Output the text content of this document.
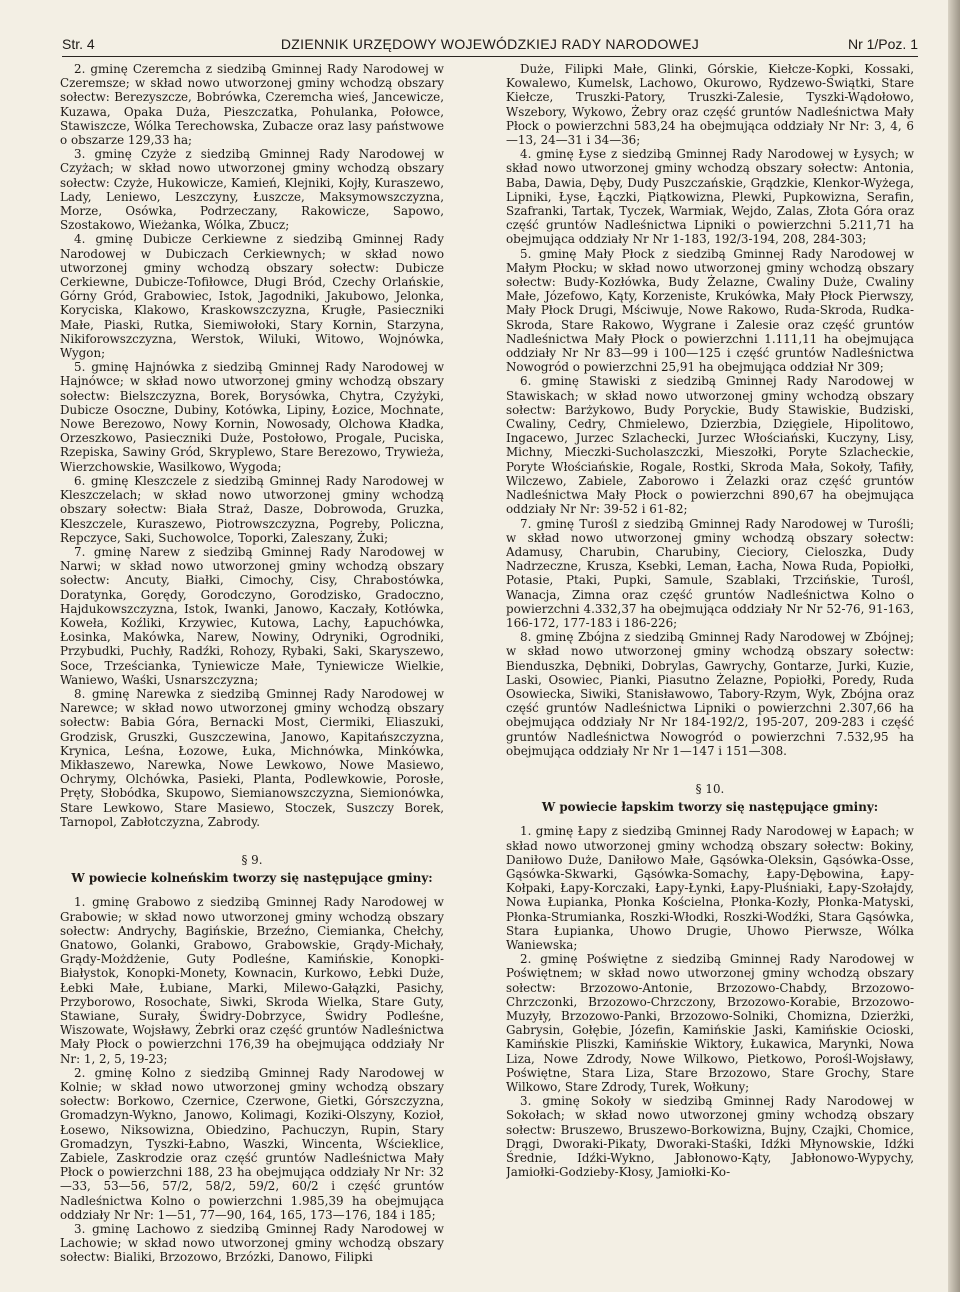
Str. 4	DZIENNIK URZĘDOWY WOJEWÓDZKIEJ RADY NARODOWEJ	Nr 1/Poz. 1

2. gminę Czeremcha z siedzibą Gminnej Rady Narodowej w Czeremsze; w skład nowo utworzonej gminy wchodzą obszary sołectw: Berezyszcze, Bobrówka, Czeremcha wieś, Jancewicze, Kuzawa, Opaka Duża, Pieszczatka, Pohulanka, Połowce, Stawiszcze, Wólka Terechowska, Zubacze oraz lasy państwowe o obszarze 129,33 ha;

3. gminę Czyże z siedzibą Gminnej Rady Narodowej w Czyżach; w skład nowo utworzonej gminy wchodzą obszary sołectw: Czyże, Hukowicze, Kamień, Klejniki, Kojły, Kuraszewo, Lady, Leniewo, Leszczyny, Łuszcze, Maksymowszczyzna, Morze, Osówka, Podrzeczany, Rakowicze, Sapowo, Szostakowo, Wieżanka, Wólka, Zbucz;

4. gminę Dubicze Cerkiewne z siedzibą Gminnej Rady Narodowej w Dubiczach Cerkiewnych; w skład nowo utworzonej gminy wchodzą obszary sołectw: Dubicze Cerkiewne, Dubicze-Tofiłowce, Długi Bród, Czechy Orlańskie, Górny Gród, Grabowiec, Istok, Jagodniki, Jakubowo, Jelonka, Koryciska, Klakowo, Kraskowszczyzna, Krugłe, Pasieczniki Małe, Piaski, Rutka, Siemiwołoki, Stary Kornin, Starzyna, Nikiforowszczyzna, Werstok, Wiluki, Witowo, Wojnówka, Wygon;

5. gminę Hajnówka z siedzibą Gminnej Rady Narodowej w Hajnówce; w skład nowo utworzonej gminy wchodzą obszary sołectw: Bielszczyzna, Borek, Borysówka, Chytra, Czyżyki, Dubicze Osoczne, Dubiny, Kotówka, Lipiny, Łozice, Mochnate, Nowe Berezowo, Nowy Kornin, Nowosady, Olchowa Kładka, Orzeszkowo, Pasieczniki Duże, Postołowo, Progale, Puciska, Rzepiska, Sawiny Gród, Skryplewo, Stare Berezowo, Trywieża, Wierzchowskie, Wasilkowo, Wygoda;

6. gminę Kleszczele z siedzibą Gminnej Rady Narodowej w Kleszczelach; w skład nowo utworzonej gminy wchodzą obszary sołectw: Biała Straż, Dasze, Dobrowoda, Gruzka, Kleszczele, Kuraszewo, Piotrowszczyzna, Pogreby, Policzna, Repczyce, Saki, Suchowolce, Toporki, Zaleszany, Żuki;

7. gminę Narew z siedzibą Gminnej Rady Narodowej w Narwi; w skład nowo utworzonej gminy wchodzą obszary sołectw: Ancuty, Białki, Cimochy, Cisy, Chrabostówka, Doratynka, Gorędy, Gorodczyno, Gorodzisko, Gradoczno, Hajdukowszczyzna, Istok, Iwanki, Janowo, Kaczały, Kotłówka, Koweła, Koźliki, Krzywiec, Kutowa, Lachy, Łapuchówka, Łosinka, Makówka, Narew, Nowiny, Odryniki, Ogrodniki, Przybudki, Puchły, Radźki, Rohozy, Rybaki, Saki, Skaryszewo, Soce, Trześcianka, Tyniewicze Małe, Tyniewicze Wielkie, Waniewo, Waśki, Usnarszczyzna;

8. gminę Narewka z siedzibą Gminnej Rady Narodowej w Narewce; w skład nowo utworzonej gminy wchodzą obszary sołectw: Babia Góra, Bernacki Most, Ciermiki, Eliaszuki, Grodzisk, Gruszki, Guszczewina, Janowo, Kapitańszczyzna, Krynica, Leśna, Łozowe, Łuka, Michnówka, Minkówka, Mikłaszewo, Narewka, Nowe Lewkowo, Nowe Masiewo, Ochrymy, Olchówka, Pasieki, Planta, Podlewkowie, Porosłe, Pręty, Słobódka, Skupowo, Siemianowszczyzna, Siemionówka, Stare Lewkowo, Stare Masiewo, Stoczek, Suszczy Borek, Tarnopol, Zabłotczyzna, Zabrody.

§ 9.

W powiecie kolneńskim tworzy się następujące gminy:

1. gminę Grabowo z siedzibą Gminnej Rady Narodowej w Grabowie; w skład nowo utworzonej gminy wchodzą obszary sołectw: Andrychy, Bagińskie, Brzeźno, Ciemianka, Chełchy, Gnatowo, Golanki, Grabowo, Grabowskie, Grądy-Michały, Grądy-Możdżenie, Guty Podleśne, Kamińskie, Konopki-Białystok, Konopki-Monety, Kownacin, Kurkowo, Łebki Duże, Łebki Małe, Łubiane, Marki, Milewo-Gałązki, Pasichy, Przyborowo, Rosochate, Siwki, Skroda Wielka, Stare Guty, Stawiane, Surały, Świdry-Dobrzyce, Świdry Podleśne, Wiszowate, Wojsławy, Żebrki oraz część gruntów Nadleśnictwa Mały Płock o powierzchni 176,39 ha obejmująca oddziały Nr Nr: 1, 2, 5, 19-23;

2. gminę Kolno z siedzibą Gminnej Rady Narodowej w Kolnie; w skład nowo utworzonej gminy wchodzą obszary sołectw: Borkowo, Czernice, Czerwone, Gietki, Górszczyzna, Gromadzyn-Wykno, Janowo, Kolimagi, Koziki-Olszyny, Kozioł, Łosewo, Niksowizna, Obiedzino, Pachuczyn, Rupin, Stary Gromadzyn, Tyszki-Łabno, Waszki, Wincenta, Wścieklice, Zabiele, Zaskrodzie oraz część gruntów Nadleśnictwa Mały Płock o powierzchni 188, 23 ha obejmująca oddziały Nr Nr: 32—33, 53—56, 57/2, 58/2, 59/2, 60/2 i część gruntów Nadleśnictwa Kolno o powierzchni 1.985,39 ha obejmująca oddziały Nr Nr: 1—51, 77—90, 164, 165, 173—176, 184 i 185;

3. gminę Lachowo z siedzibą Gminnej Rady Narodowej w Lachowie; w skład nowo utworzonej gminy wchodzą obszary sołectw: Bialiki, Brzozowo, Brzózki, Danowo, Filipki

Duże, Filipki Małe, Glinki, Górskie, Kiełcze-Kopki, Kossaki, Kowalewo, Kumelsk, Lachowo, Okurowo, Rydzewo-Świątki, Stare Kiełcze, Truszki-Patory, Truszki-Zalesie, Tyszki-Wądołowo, Wszebory, Wykowo, Żebry oraz część gruntów Nadleśnictwa Mały Płock o powierzchni 583,24 ha obejmująca oddziały Nr Nr: 3, 4, 6—13, 24—31 i 34—36;

4. gminę Łyse z siedzibą Gminnej Rady Narodowej w Łysych; w skład nowo utworzonej gminy wchodzą obszary sołectw: Antonia, Baba, Dawia, Dęby, Dudy Puszczańskie, Grądzkie, Klenkor-Wyżega, Lipniki, Łyse, Łączki, Piątkowizna, Plewki, Pupkowizna, Serafin, Szafranki, Tartak, Tyczek, Warmiak, Wejdo, Zalas, Złota Góra oraz część gruntów Nadleśnictwa Lipniki o powierzchni 5.211,71 ha obejmująca oddziały Nr Nr 1-183, 192/3-194, 208, 284-303;

5. gminę Mały Płock z siedzibą Gminnej Rady Narodowej w Małym Płocku; w skład nowo utworzonej gminy wchodzą obszary sołectw: Budy-Kozłówka, Budy Żelazne, Cwaliny Duże, Cwaliny Małe, Józefowo, Kąty, Korzeniste, Krukówka, Mały Płock Pierwszy, Mały Płock Drugi, Mściwuje, Nowe Rakowo, Ruda-Skroda, Rudka-Skroda, Stare Rakowo, Wygrane i Zalesie oraz część gruntów Nadleśnictwa Mały Płock o powierzchni 1.111,11 ha obejmująca oddziały Nr Nr 83—99 i 100—125 i część gruntów Nadleśnictwa Nowogród o powierzchni 25,91 ha obejmująca oddział Nr 309;

6. gminę Stawiski z siedzibą Gminnej Rady Narodowej w Stawiskach; w skład nowo utworzonej gminy wchodzą obszary sołectw: Barżykowo, Budy Poryckie, Budy Stawiskie, Budziski, Cwaliny, Cedry, Chmielewo, Dzierzbia, Dzięgiele, Hipolitowo, Ingacewo, Jurzec Szlachecki, Jurzec Włościański, Kuczyny, Lisy, Michny, Mieczki-Sucholaszczki, Mieszołki, Poryte Szlacheckie, Poryte Włościańskie, Rogale, Rostki, Skroda Mała, Sokoły, Tafiły, Wilczewo, Zabiele, Zaborowo i Żelazki oraz część gruntów Nadleśnictwa Mały Płock o powierzchni 890,67 ha obejmująca oddziały Nr Nr: 39-52 i 61-82;

7. gminę Turośl z siedzibą Gminnej Rady Narodowej w Turośli; w skład nowo utworzonej gminy wchodzą obszary sołectw: Adamusy, Charubin, Charubiny, Cieciory, Cieloszka, Dudy Nadrzeczne, Krusza, Ksebki, Leman, Łacha, Nowa Ruda, Popiołki, Potasie, Ptaki, Pupki, Samule, Szablaki, Trzcińskie, Turośl, Wanacja, Zimna oraz część gruntów Nadleśnictwa Kolno o powierzchni 4.332,37 ha obejmująca oddziały Nr Nr 52-76, 91-163, 166-172, 177-183 i 186-226;

8. gminę Zbójna z siedzibą Gminnej Rady Narodowej w Zbójnej; w skład nowo utworzonej gminy wchodzą obszary sołectw: Bienduszka, Dębniki, Dobrylas, Gawrychy, Gontarze, Jurki, Kuzie, Laski, Osowiec, Pianki, Piasutno Żelazne, Popiołki, Poredy, Ruda Osowiecka, Siwiki, Stanisławowo, Tabory-Rzym, Wyk, Zbójna oraz część gruntów Nadleśnictwa Lipniki o powierzchni 2.307,66 ha obejmująca oddziały Nr Nr 184-192/2, 195-207, 209-283 i część gruntów Nadleśnictwa Nowogród o powierzchni 7.532,95 ha obejmująca oddziały Nr Nr 1—147 i 151—308.

§ 10.

W powiecie łapskim tworzy się następujące gminy:

1. gminę Łapy z siedzibą Gminnej Rady Narodowej w Łapach; w skład nowo utworzonej gminy wchodzą obszary sołectw: Bokiny, Daniłowo Duże, Daniłowo Małe, Gąsówka-Oleksin, Gąsówka-Osse, Gąsówka-Skwarki, Gąsówka-Somachy, Łapy-Dębowina, Łapy-Kołpaki, Łapy-Korczaki, Łapy-Łynki, Łapy-Pluśniaki, Łapy-Szołajdy, Nowa Łupianka, Płonka Kościelna, Płonka-Kozły, Płonka-Matyski, Płonka-Strumianka, Roszki-Włodki, Roszki-Wodźki, Stara Gąsówka, Stara Łupianka, Uhowo Drugie, Uhowo Pierwsze, Wólka Waniewska;

2. gminę Poświętne z siedzibą Gminnej Rady Narodowej w Poświętnem; w skład nowo utworzonej gminy wchodzą obszary sołectw: Brzozowo-Antonie, Brzozowo-Chabdy, Brzozowo-Chrzczonki, Brzozowo-Chrzczony, Brzozowo-Korabie, Brzozowo-Muzyły, Brzozowo-Panki, Brzozowo-Solniki, Chomizna, Dzierżki, Gabrysin, Gołębie, Józefin, Kamińskie Jaski, Kamińskie Ocioski, Kamińskie Pliszki, Kamińskie Wiktory, Łukawica, Marynki, Nowa Liza, Nowe Zdrody, Nowe Wilkowo, Pietkowo, Porośl-Wojsławy, Poświętne, Stara Liza, Stare Brzozowo, Stare Grochy, Stare Wilkowo, Stare Zdrody, Turek, Wołkuny;

3. gminę Sokoły w siedzibą Gminnej Rady Narodowej w Sokołach; w skład nowo utworzonej gminy wchodzą obszary sołectw: Bruszewo, Bruszewo-Borkowizna, Bujny, Czajki, Chomice, Drągi, Dworaki-Pikaty, Dworaki-Staśki, Idźki Młynowskie, Idźki Średnie, Idźki-Wykno, Jabłonowo-Kąty, Jabłonowo-Wypychy, Jamiołki-Godzieby-Kłosy, Jamiołki-Ko-
